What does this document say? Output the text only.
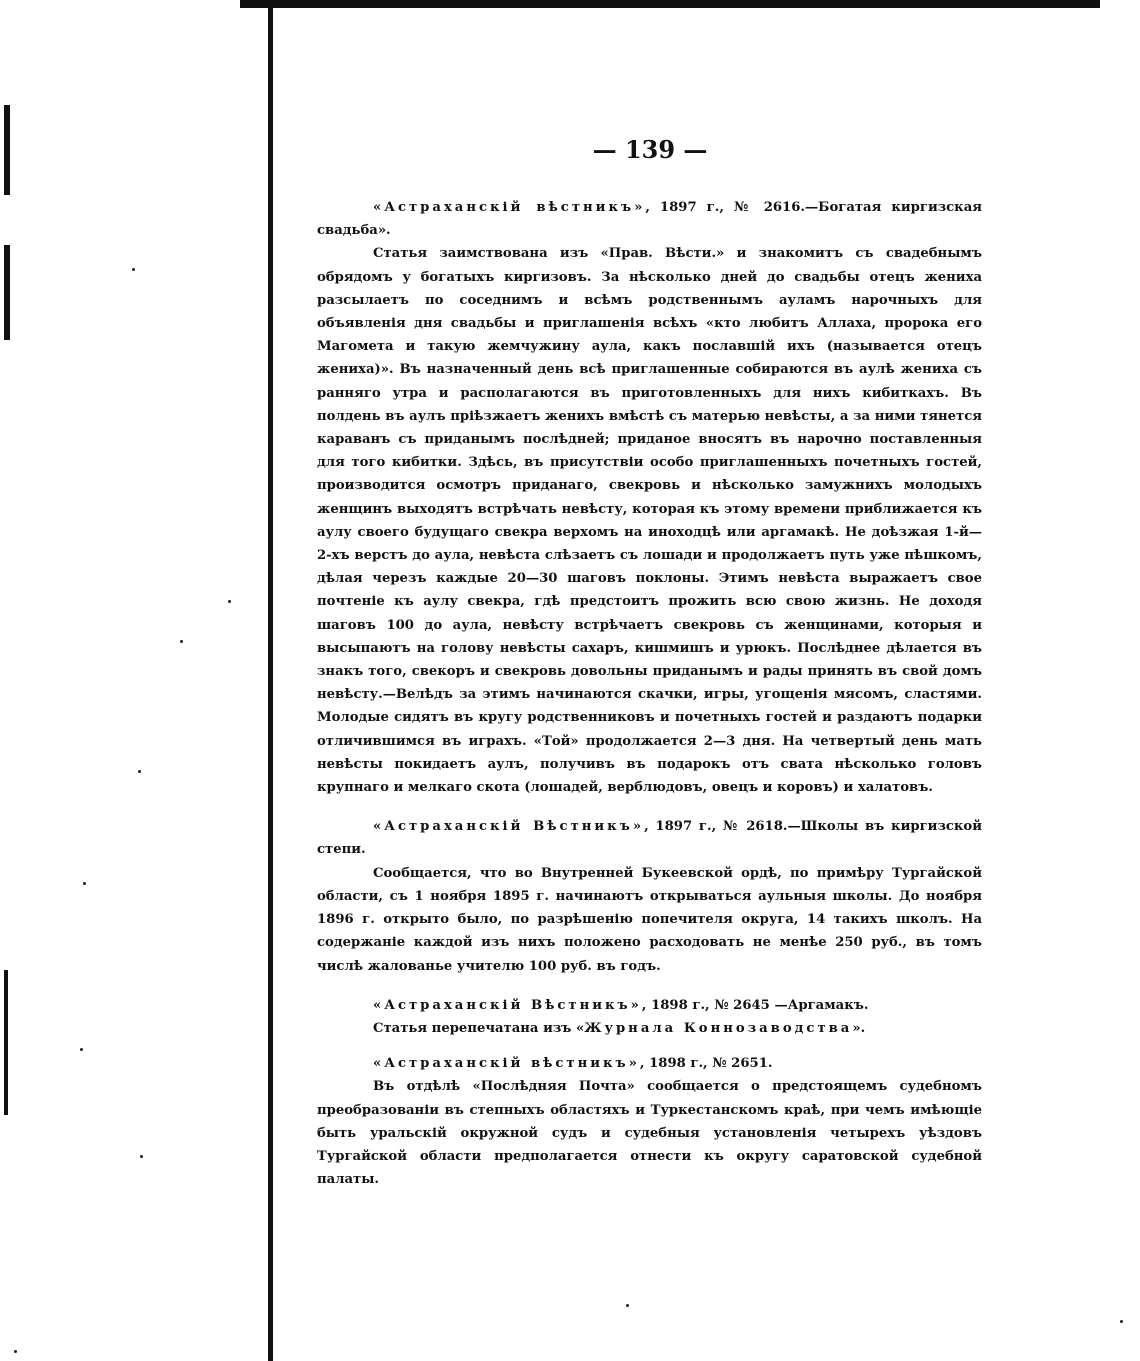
— 139 —

«Астраханскій вѣстникъ», 1897 г., № 2616.—Богатая киргизская свадьба».

Статья заимствована изъ «Прав. Вѣсти.» и знакомитъ съ свадебнымъ обрядомъ у богатыхъ киргизовъ. За нѣсколько дней до свадьбы отецъ жениха разсылаетъ по соседнимъ и всѣмъ родственнымъ ауламъ нарочныхъ для объявленія дня свадьбы и приглашенія всѣхъ «кто любитъ Аллаха, пророка его Магомета и такую жемчужину аула, какъ пославшій ихъ (называется отецъ жениха)». Въ назначенный день всѣ приглашенные собираются въ аулѣ жениха съ ранняго утра и располагаются въ приготовленныхъ для нихъ кибиткахъ. Въ полдень въ аулъ пріѣзжаетъ женихъ вмѣстѣ съ матерью невѣсты, а за ними тянется караванъ съ приданымъ послѣдней; приданое вносятъ въ нарочно поставленныя для того кибитки. Здѣсь, въ присутствіи особо приглашенныхъ почетныхъ гостей, производится осмотръ приданаго, свекровь и нѣсколько замужнихъ молодыхъ женщинъ выходятъ встрѣчать невѣсту, которая къ этому времени приближается къ аулу своего будущаго свекра верхомъ на иноходцѣ или аргамакѣ. Не доѣзжая 1-й—2-хъ верстъ до аула, невѣста слѣзаетъ съ лошади и продолжаетъ путь уже пѣшкомъ, дѣлая черезъ каждые 20—30 шаговъ поклоны. Этимъ невѣста выражаетъ свое почтеніе къ аулу свекра, гдѣ предстоитъ прожить всю свою жизнь. Не доходя шаговъ 100 до аула, невѣсту встрѣчаетъ свекровь съ женщинами, которыя и высыпаютъ на голову невѣсты сахаръ, кишмишъ и урюкъ. Послѣднее дѣлается въ знакъ того, свекоръ и свекровь довольны приданымъ и рады принять въ свой домъ невѣсту.—Велѣдъ за этимъ начинаются скачки, игры, угощенія мясомъ, сластями. Молодые сидятъ въ кругу родственниковъ и почетныхъ гостей и раздаютъ подарки отличившимся въ играхъ. «Той» продолжается 2—3 дня. На четвертый день мать невѣсты покидаетъ аулъ, получивъ въ подарокъ отъ свата нѣсколько головъ крупнаго и мелкаго скота (лошадей, верблюдовъ, овецъ и коровъ) и халатовъ.

«Астраханскій Вѣстникъ», 1897 г., № 2618.—Школы въ киргизской степи.

Сообщается, что во Внутренней Букеевской ордѣ, по примѣру Тургайской области, съ 1 ноября 1895 г. начинаютъ открываться аульныя школы. До ноября 1896 г. открыто было, по разрѣшенію попечителя округа, 14 такихъ школъ. На содержаніе каждой изъ нихъ положено расходовать не менѣе 250 руб., въ томъ числѣ жалованье учителю 100 руб. въ годъ.

«Астраханскій Вѣстникъ», 1898 г., № 2645 —Аргамакъ.

Статья перепечатана изъ «Журнала Коннозаводства».

«Астраханскій вѣстникъ», 1898 г., № 2651.

Въ отдѣлѣ «Послѣдняя Почта» сообщается о предстоящемъ судебномъ преобразованіи въ степныхъ областяхъ и Туркестанскомъ краѣ, при чемъ имѣющіе быть уральскій окружной судъ и судебныя установленія четырехъ уѣздовъ Тургайской области предполагается отнести къ округу саратовской судебной палаты.
